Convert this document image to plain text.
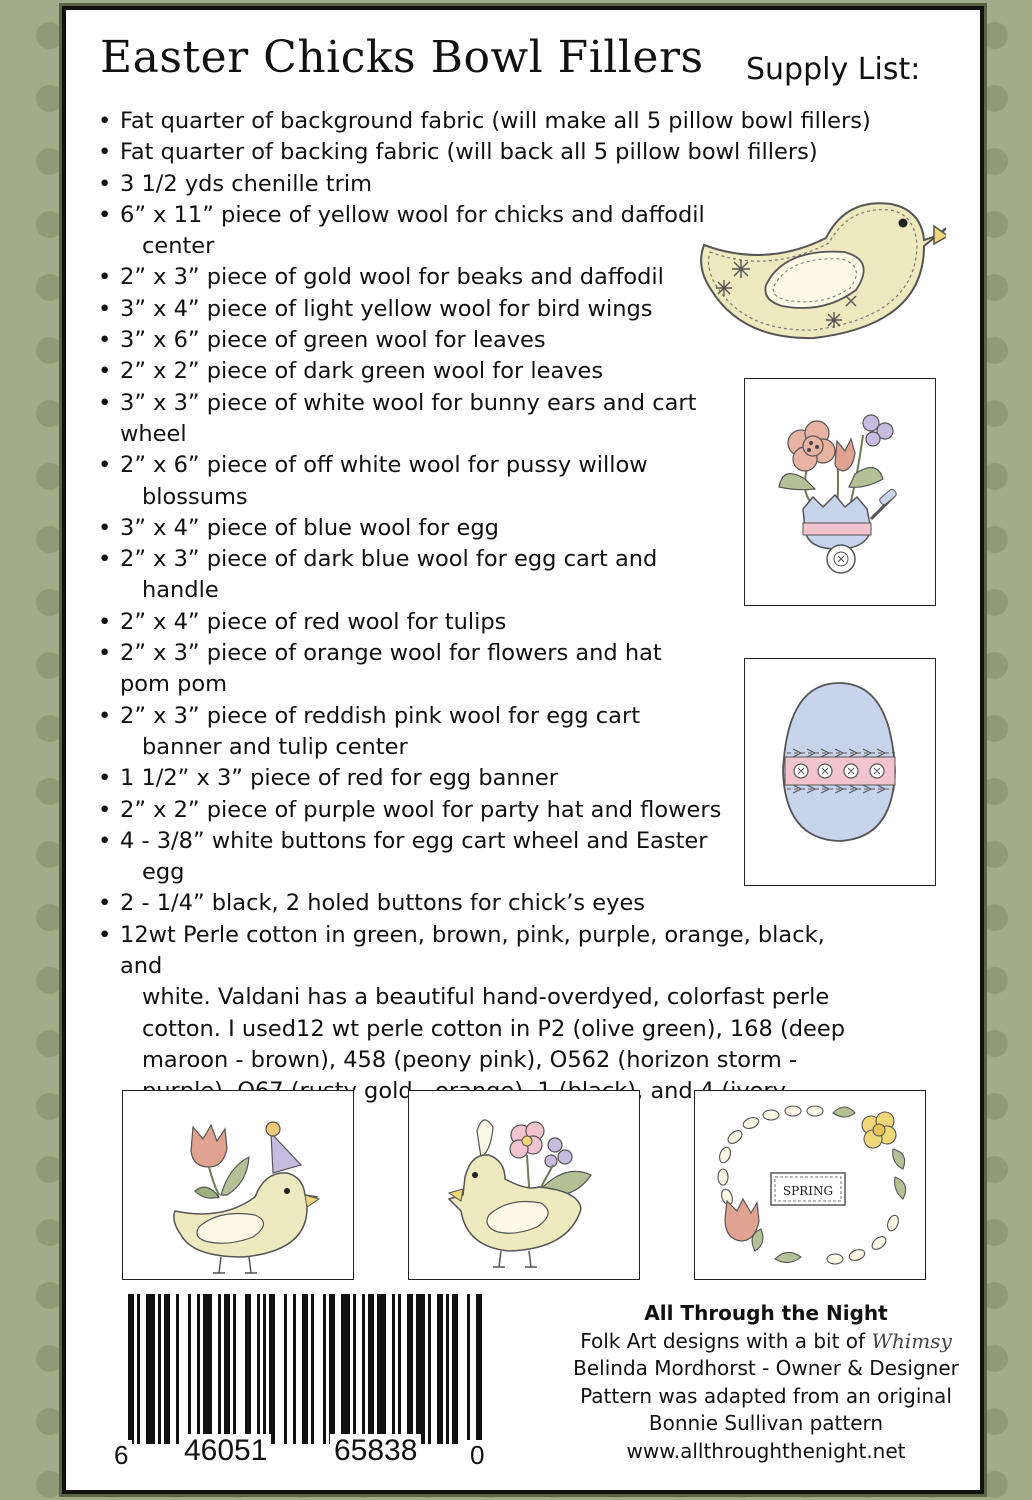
Easter Chicks Bowl Fillers Supply List:
• Fat quarter of background fabric (will make all 5 pillow bowl fillers)
• Fat quarter of backing fabric (will back all 5 pillow bowl fillers)
• 3 1/2 yds chenille trim
• 6” x 11” piece of yellow wool for chicks and daffodil
center
• 2” x 3” piece of gold wool for beaks and daffodil
• 3” x 4” piece of light yellow wool for bird wings
• 3” x 6” piece of green wool for leaves
• 2” x 2” piece of dark green wool for leaves
• 3” x 3” piece of white wool for bunny ears and cart
wheel
• 2” x 6” piece of off white wool for pussy willow
blossums
• 3” x 4” piece of blue wool for egg
• 2” x 3” piece of dark blue wool for egg cart and
handle
• 2” x 4” piece of red wool for tulips
• 2” x 3” piece of orange wool for flowers and hat
pom pom
• 2” x 3” piece of reddish pink wool for egg cart
banner and tulip center
• 1 1/2” x 3” piece of red for egg banner
• 2” x 2” piece of purple wool for party hat and flowers
• 4 - 3/8” white buttons for egg cart wheel and Easter
egg
• 2 - 1/4” black, 2 holed buttons for chick’s eyes
• 12wt Perle cotton in green, brown, pink, purple, orange, black, and
white. Valdani has a beautiful hand-overdyed, colorfast perle cotton. I used12 wt perle cotton in P2 (olive green), 168 (deep maroon - brown), 458 (peony pink), O562 (horizon storm - gold and
SPRING
6 46051 65838 0
All Through the Night
Folk Art designs with a bit of Whimsy
Belinda Mordhorst - Owner & Designer
Pattern was adapted from an original
Bonnie Sullivan pattern
www.allthroughthenight.net
